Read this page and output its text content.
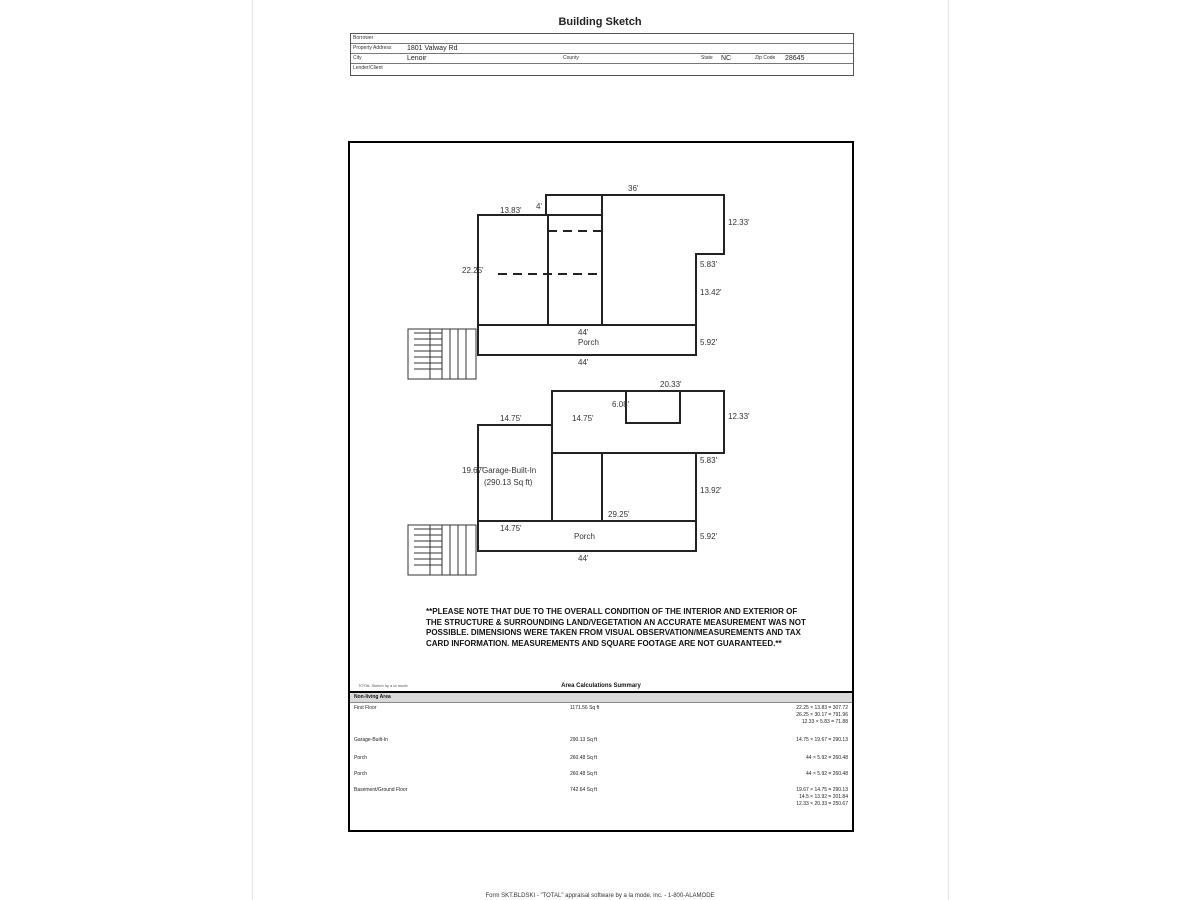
Building Sketch
Borrower
Property Address 1801 Valway Rd
City	Lenoir	County	State NC	Zip Code 28645
Lender/Client
13.83' 4'
36'
12.33'
22.25'
5.83'
13.42'
44'
Porch	5.92'
44'
20.33'
6.08'
12.33'
14.75'	14.75'
19.67'
Garage-Built-In
(290.13 Sq ft)
5.83'
13.92'
29.25'
14.75'
Porch	5.92'
44'
**PLEASE NOTE THAT DUE TO THE OVERALL CONDITION OF THE INTERIOR AND EXTERIOR OF THE STRUCTURE & SURROUNDING LAND/VEGETATION AN ACCURATE MEASUREMENT WAS NOT POSSIBLE. DIMENSIONS WERE TAKEN FROM VISUAL OBSERVATION/MEASUREMENTS AND TAX CARD INFORMATION. MEASUREMENTS AND SQUARE FOOTAGE ARE NOT GUARANTEED.**
TOTAL Sketch by a la mode	Area Calculations Summary
Non-living Area
First Floor	1171.56 Sq ft	22.25 × 13.83 = 307.72
26.25 × 30.17 = 791.96
12.33 × 5.83 = 71.88
Garage-Built-In	290.13 Sq ft	14.75 × 19.67 = 290.13
Porch	260.48 Sq ft	44 × 5.92 = 260.48
Porch	260.48 Sq ft	44 × 5.92 = 260.48
Basement/Ground Floor	742.64 Sq ft	19.67 × 14.75 = 290.13
14.5 × 13.92 = 201.84
12.33 × 20.33 = 250.67
Form SKT.BLDSKI - "TOTAL" appraisal software by a la mode, inc. - 1-800-ALAMODE
